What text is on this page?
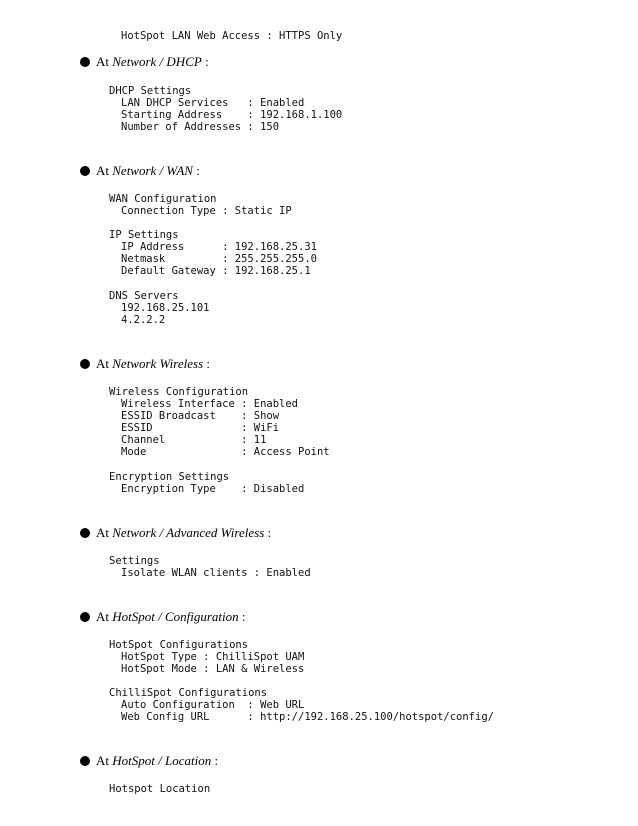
HotSpot LAN Web Access : HTTPS Only
At Network / DHCP :
DHCP Settings
LAN DHCP Services   : Enabled
Starting Address    : 192.168.1.100
Number of Addresses : 150
At Network / WAN :
WAN Configuration
Connection Type : Static IP
IP Settings
IP Address      : 192.168.25.31
Netmask         : 255.255.255.0
Default Gateway : 192.168.25.1
DNS Servers
192.168.25.101
4.2.2.2
At Network Wireless :
Wireless Configuration
Wireless Interface : Enabled
ESSID Broadcast    : Show
ESSID              : WiFi
Channel            : 11
Mode               : Access Point
Encryption Settings
Encryption Type    : Disabled
At Network / Advanced Wireless :
Settings
Isolate WLAN clients : Enabled
At HotSpot / Configuration :
HotSpot Configurations
HotSpot Type : ChilliSpot UAM
HotSpot Mode : LAN & Wireless
ChilliSpot Configurations
Auto Configuration  : Web URL
Web Config URL      : http://192.168.25.100/hotspot/config/
At HotSpot / Location :
Hotspot Location
